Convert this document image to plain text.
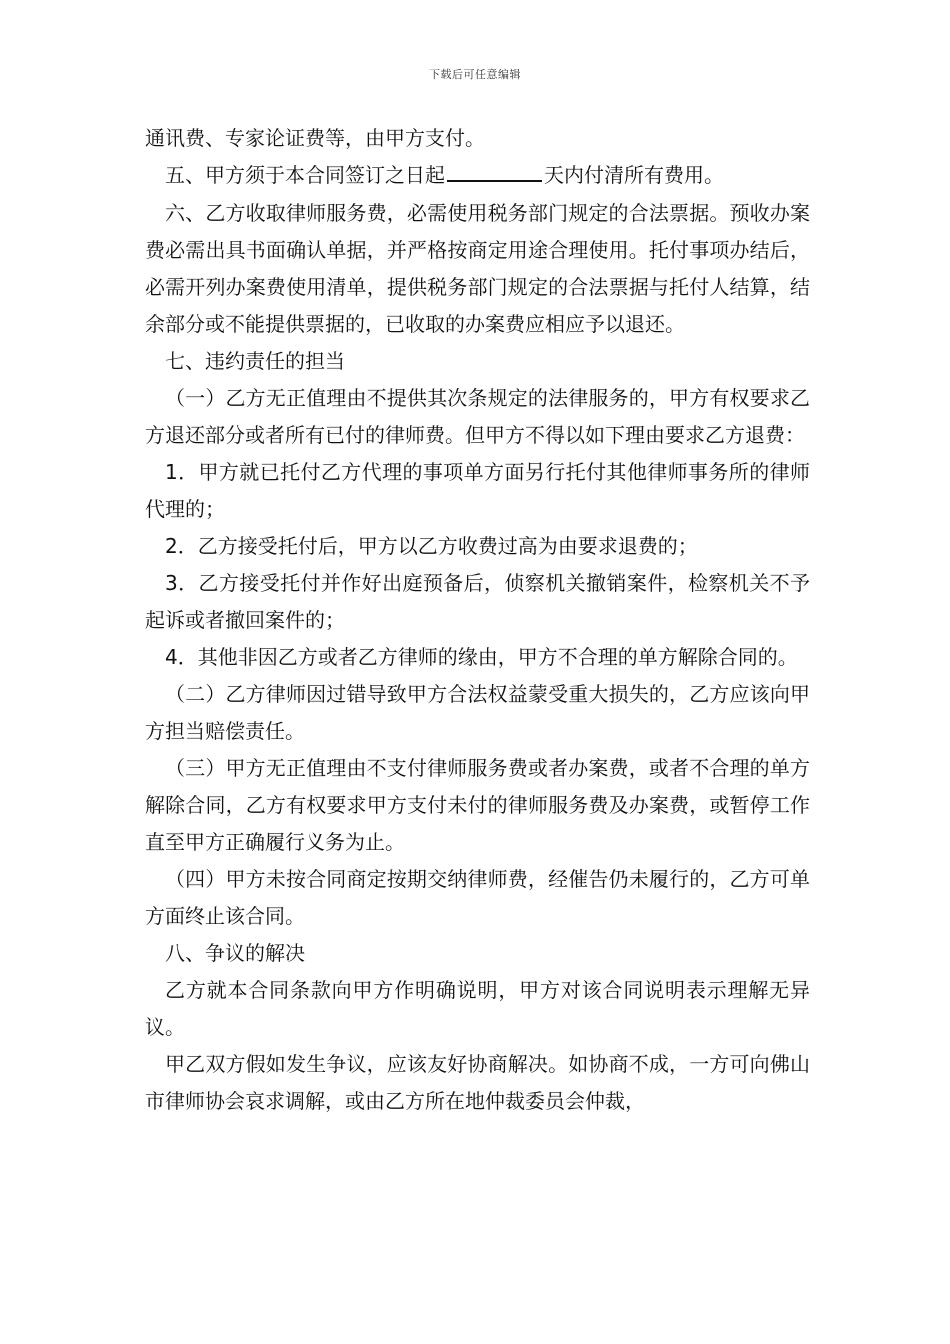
下载后可任意编辑

通讯费、专家论证费等，由甲方支付。

五、甲方须于本合同签订之日起	天内付清所有费用。

六、乙方收取律师服务费，必需使用税务部门规定的合法票据。预收办案费必需出具书面确认单据，并严格按商定用途合理使用。托付事项办结后，必需开列办案费使用清单，提供税务部门规定的合法票据与托付人结算，结余部分或不能提供票据的，已收取的办案费应相应予以退还。

七、违约责任的担当

（一）乙方无正值理由不提供其次条规定的法律服务的，甲方有权要求乙方退还部分或者所有已付的律师费。但甲方不得以如下理由要求乙方退费：

1．甲方就已托付乙方代理的事项单方面另行托付其他律师事务所的律师代理的；

2．乙方接受托付后，甲方以乙方收费过高为由要求退费的；

3．乙方接受托付并作好出庭预备后，侦察机关撤销案件，检察机关不予起诉或者撤回案件的；

4．其他非因乙方或者乙方律师的缘由，甲方不合理的单方解除合同的。

（二）乙方律师因过错导致甲方合法权益蒙受重大损失的，乙方应该向甲方担当赔偿责任。

（三）甲方无正值理由不支付律师服务费或者办案费，或者不合理的单方解除合同，乙方有权要求甲方支付未付的律师服务费及办案费，或暂停工作直至甲方正确履行义务为止。

（四）甲方未按合同商定按期交纳律师费，经催告仍未履行的，乙方可单方面终止该合同。

八、争议的解决

乙方就本合同条款向甲方作明确说明，甲方对该合同说明表示理解无异议。

甲乙双方假如发生争议，应该友好协商解决。如协商不成，一方可向佛山市律师协会哀求调解，或由乙方所在地仲裁委员会仲裁，
